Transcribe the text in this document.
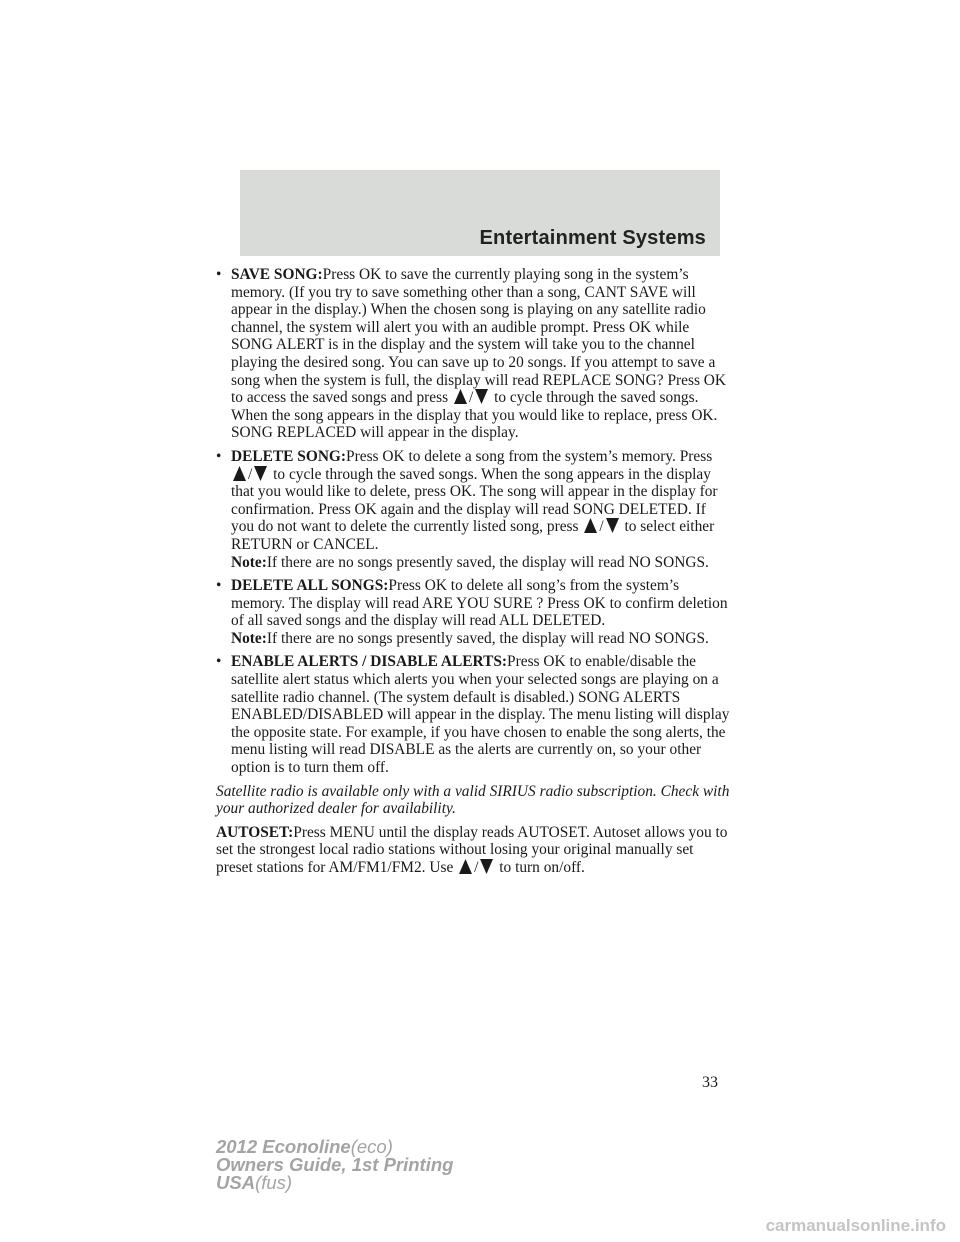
Entertainment Systems
• SAVE SONG:Press OK to save the currently playing song in the system’s memory. (If you try to save something other than a song, CANT SAVE will appear in the display.) When the chosen song is playing on any satellite radio channel, the system will alert you with an audible prompt. Press OK while SONG ALERT is in the display and the system will take you to the channel playing the desired song. You can save up to 20 songs. If you attempt to save a song when the system is full, the display will read REPLACE SONG? Press OK to access the saved songs and press
/
to cycle through the saved songs. When the song appears in the display that you would like to replace, press OK. SONG REPLACED will appear in the display.
• DELETE SONG:Press OK to delete a song from the system’s memory. Press
/
to cycle through the saved songs. When the song appears in the display that you would like to delete, press OK. The song will appear in the display for confirmation. Press OK again and the display will read SONG DELETED. If you do not want to delete the currently listed song, press
/
to select either RETURN or CANCEL.
Note:If there are no songs presently saved, the display will read NO SONGS.
• DELETE ALL SONGS:Press OK to delete all song’s from the system’s memory. The display will read ARE YOU SURE ? Press OK to confirm deletion of all saved songs and the display will read ALL DELETED.
Note:If there are no songs presently saved, the display will read NO SONGS.
• ENABLE ALERTS / DISABLE ALERTS:Press OK to enable/disable the satellite alert status which alerts you when your selected songs are playing on a satellite radio channel. (The system default is disabled.) SONG ALERTS ENABLED/DISABLED will appear in the display. The menu listing will display the opposite state. For example, if you have chosen to enable the song alerts, the menu listing will read DISABLE as the alerts are currently on, so your other option is to turn them off.

Satellite radio is available only with a valid SIRIUS radio subscription. Check with your authorized dealer for availability.

AUTOSET:Press MENU until the display reads AUTOSET. Autoset allows you to set the strongest local radio stations without losing your original manually set preset stations for AM/FM1/FM2. Use
/
to turn on/off.

33
2012 Econoline(eco)
Owners Guide, 1st Printing
USA(fus)
carmanualsonline.info
